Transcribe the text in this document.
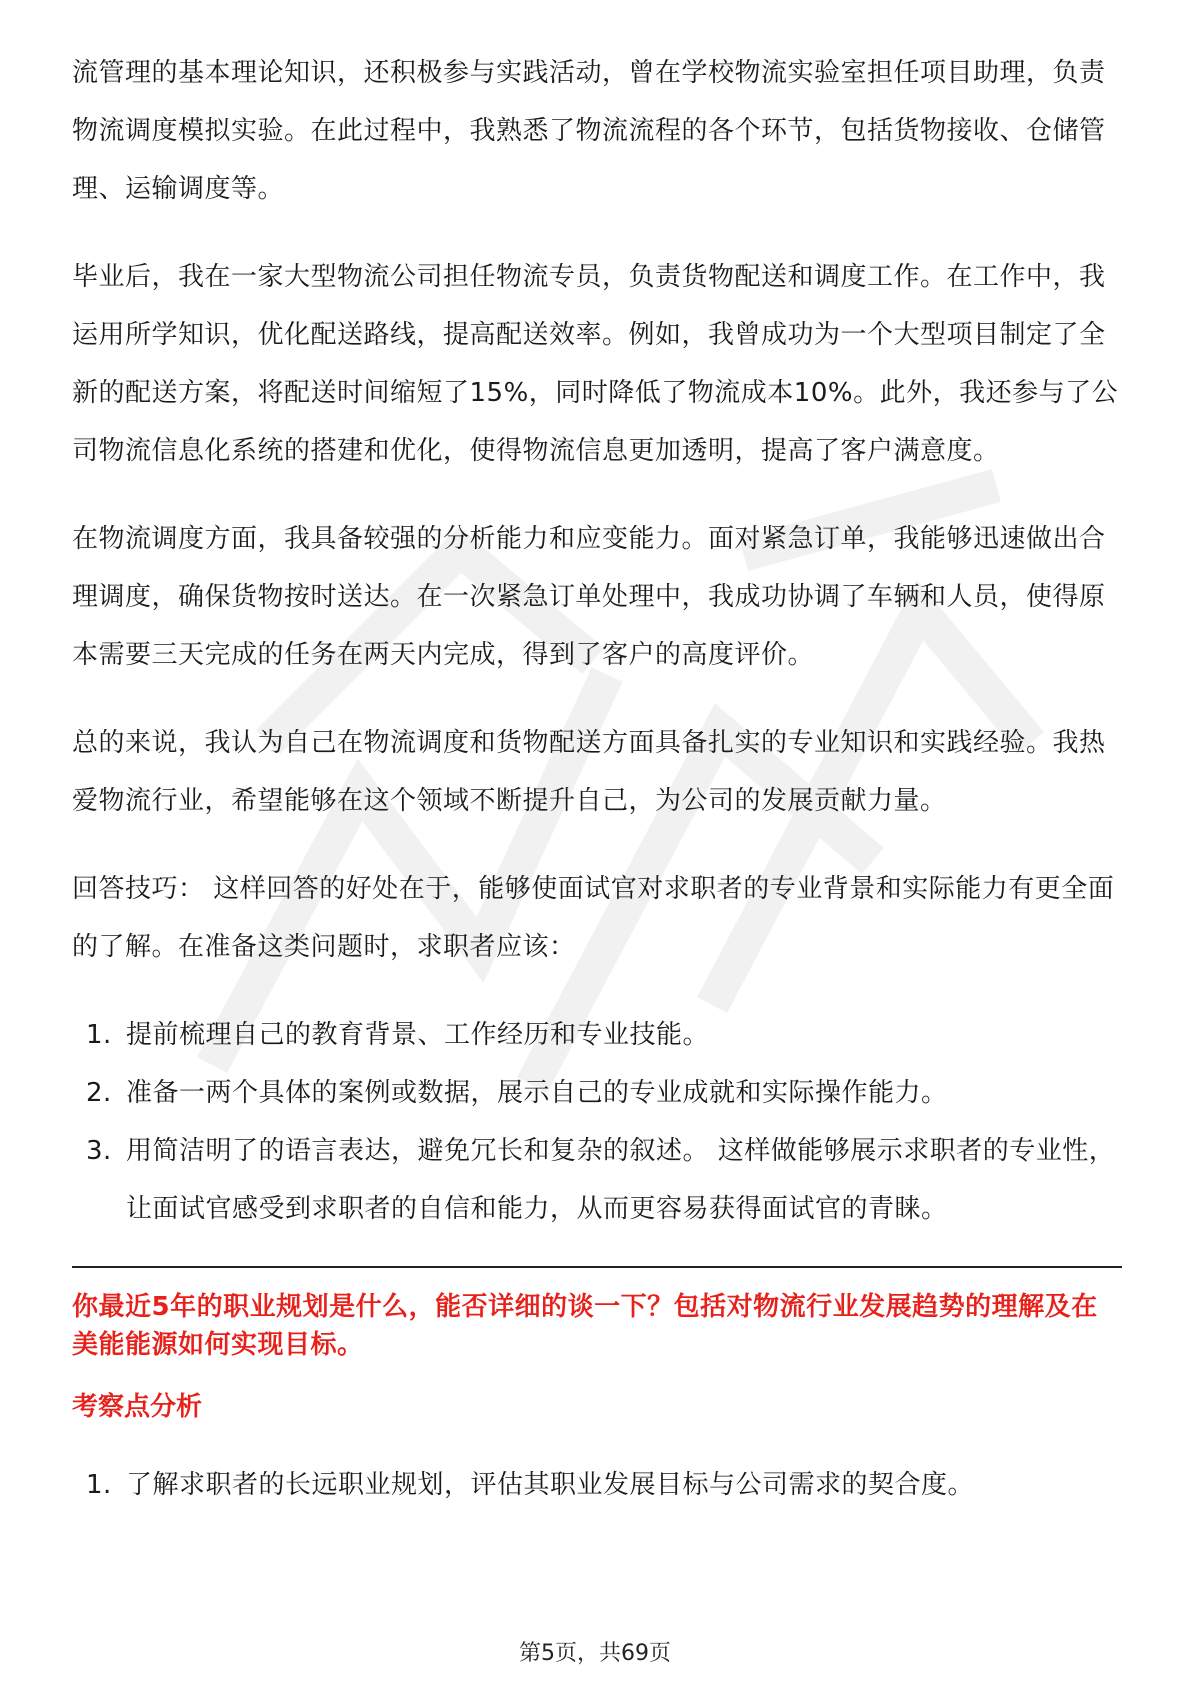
流管理的基本理论知识，还积极参与实践活动，曾在学校物流实验室担任项目助理，负责物流调度模拟实验。在此过程中，我熟悉了物流流程的各个环节，包括货物接收、仓储管理、运输调度等。

毕业后，我在一家大型物流公司担任物流专员，负责货物配送和调度工作。在工作中，我运用所学知识，优化配送路线，提高配送效率。例如，我曾成功为一个大型项目制定了全新的配送方案，将配送时间缩短了15%，同时降低了物流成本10%。此外，我还参与了公司物流信息化系统的搭建和优化，使得物流信息更加透明，提高了客户满意度。

在物流调度方面，我具备较强的分析能力和应变能力。面对紧急订单，我能够迅速做出合理调度，确保货物按时送达。在一次紧急订单处理中，我成功协调了车辆和人员，使得原本需要三天完成的任务在两天内完成，得到了客户的高度评价。

总的来说，我认为自己在物流调度和货物配送方面具备扎实的专业知识和实践经验。我热爱物流行业，希望能够在这个领域不断提升自己，为公司的发展贡献力量。

回答技巧： 这样回答的好处在于，能够使面试官对求职者的专业背景和实际能力有更全面的了解。在准备这类问题时，求职者应该：

1. 提前梳理自己的教育背景、工作经历和专业技能。
2. 准备一两个具体的案例或数据，展示自己的专业成就和实际操作能力。
3. 用简洁明了的语言表达，避免冗长和复杂的叙述。 这样做能够展示求职者的专业性，让面试官感受到求职者的自信和能力，从而更容易获得面试官的青睐。
你最近5年的职业规划是什么，能否详细的谈一下？包括对物流行业发展趋势的理解及在美能能源如何实现目标。
考察点分析
1. 了解求职者的长远职业规划，评估其职业发展目标与公司需求的契合度。
第5页，共69页
